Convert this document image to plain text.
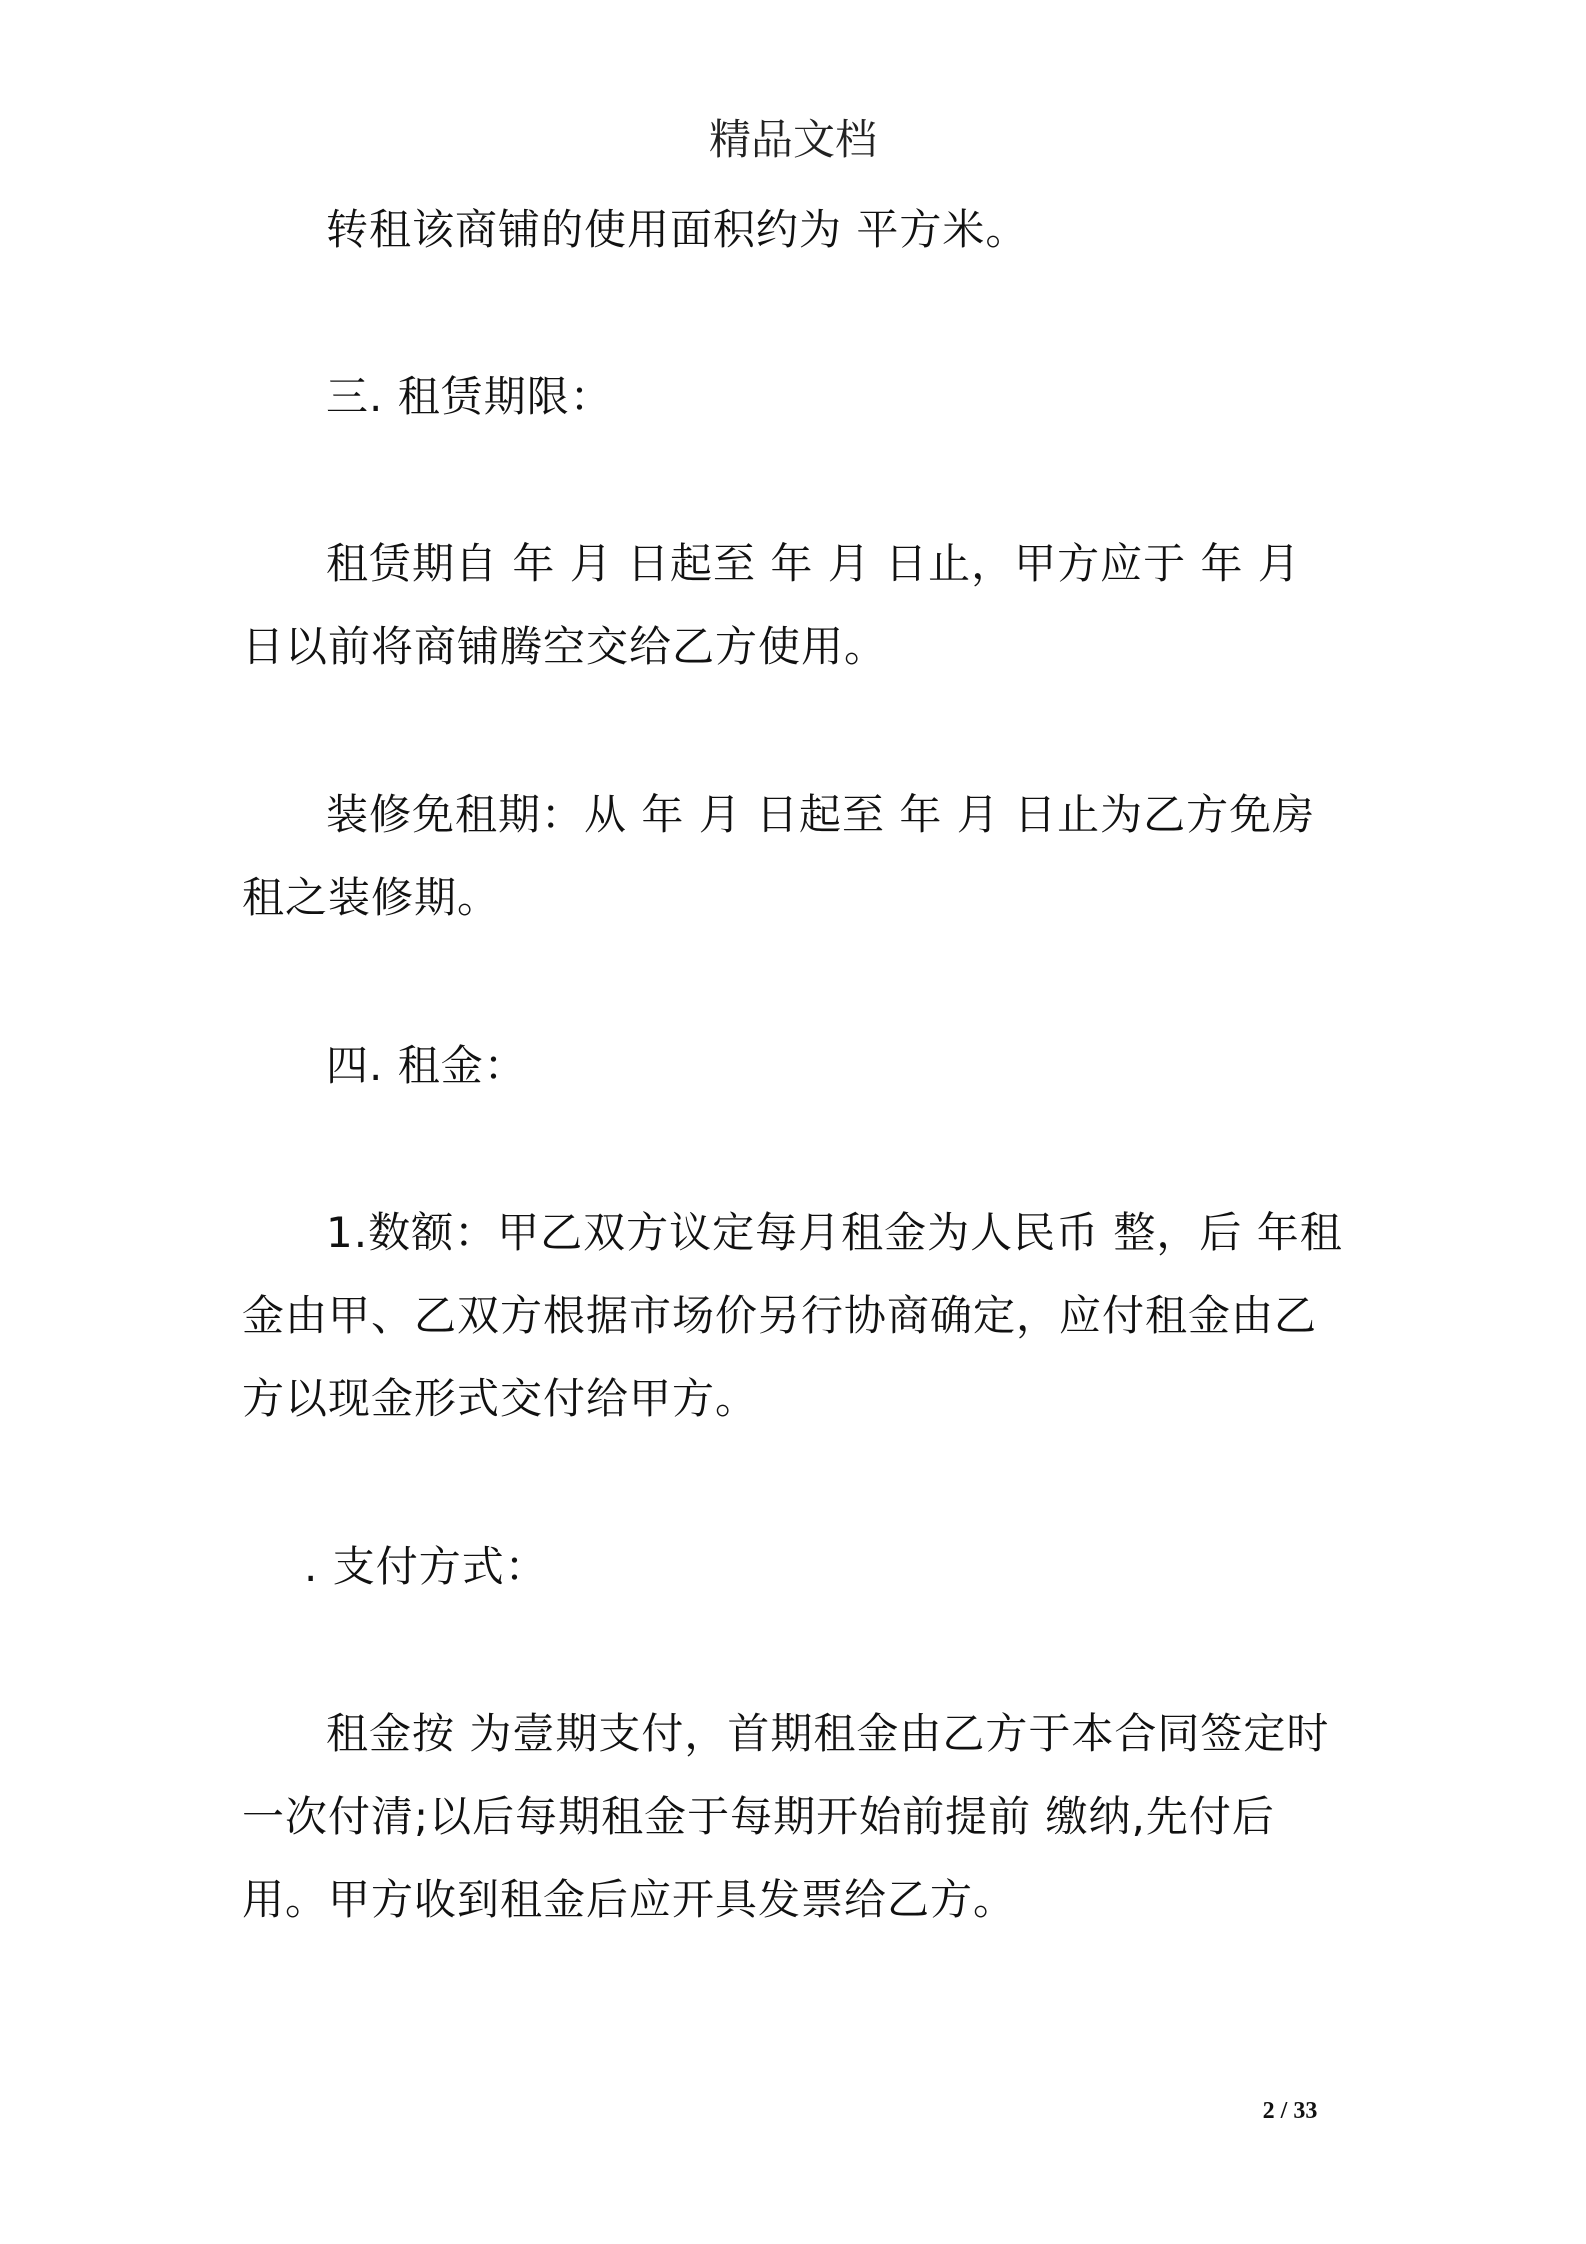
精品文档

转租该商铺的使用面积约为 平方米。

三. 租赁期限：

租赁期自 年 月 日起至 年 月 日止，甲方应于 年 月 日以前将商铺腾空交给乙方使用。

装修免租期：从 年 月 日起至 年 月 日止为乙方免房租之装修期。

四. 租金：

1.数额：甲乙双方议定每月租金为人民币 整，后 年租金由甲、乙双方根据市场价另行协商确定，应付租金由乙方以现金形式交付给甲方。

. 支付方式：

租金按 为壹期支付，首期租金由乙方于本合同签定时一次付清;以后每期租金于每期开始前提前 缴纳,先付后用。甲方收到租金后应开具发票给乙方。

2 / 33
